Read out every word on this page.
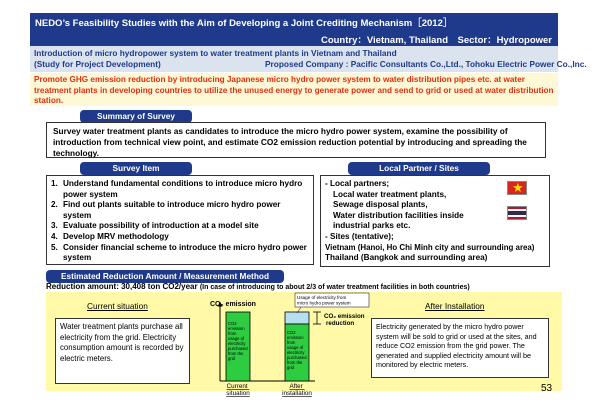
NEDO’s Feasibility Studies with the Aim of Developing a Joint Crediting Mechanism［2012］
Country：Vietnam, Thailand　Sector：Hydropower
Introduction of micro hydropower system to water treatment plants in Vietnam and Thailand
(Study for Project Development)	Proposed Company : Pacific Consultants Co.,Ltd., Tohoku Electric Power Co.,Inc.
Promote GHG emission reduction by introducing Japanese micro hydro power system to water distribution pipes etc. at water treatment plants in developing countries to utilize the unused energy to generate power and send to grid or used at water distribution station.
Summary of Survey
Survey water treatment plants as candidates to introduce the micro hydro power system, examine the possibility of introduction from technical view point, and estimate CO2 emission reduction potential by introducing and spreading the technology.
Survey Item
1. Understand fundamental conditions to introduce micro hydro power system
2. Find out plants suitable to introduce micro hydro power system
3. Evaluate possibility of introduction at a model site
4. Develop MRV methodology
5. Consider financial scheme to introduce the micro hydro power system
Local Partner / Sites
- Local partners;
Local water treatment plants,
Sewage disposal plants,
Water distribution facilities inside
industrial parks etc.
- Sites (tentative);
Vietnam (Hanoi, Ho Chi Minh city and surrounding area)
Thailand (Bangkok and surrounding area)
★
Estimated Reduction Amount / Measurement Method
Reduction amount: 30,408 ton CO2/year (In case of introducing to about 2/3 of water treatment facilities in both countries)
Current situation	After Installation
Water treatment plants purchase all electricity from the grid. Electricity consumption amount is recorded by electric meters.
Electricity generated by the micro hydro power system will be sold to grid or used at the sites, and reduce CO2 emission from the grid power. The generated and supplied electricity amount will be monitored by electric meters.
CO₂ emission
CO2 emission from usage of electricity purchased from the grid
CO2 emission from usage of electricity purchased from the grid
Usage of electricity from micro hydro power system
CO₂ emission reduction
Current situation
After installation	53
